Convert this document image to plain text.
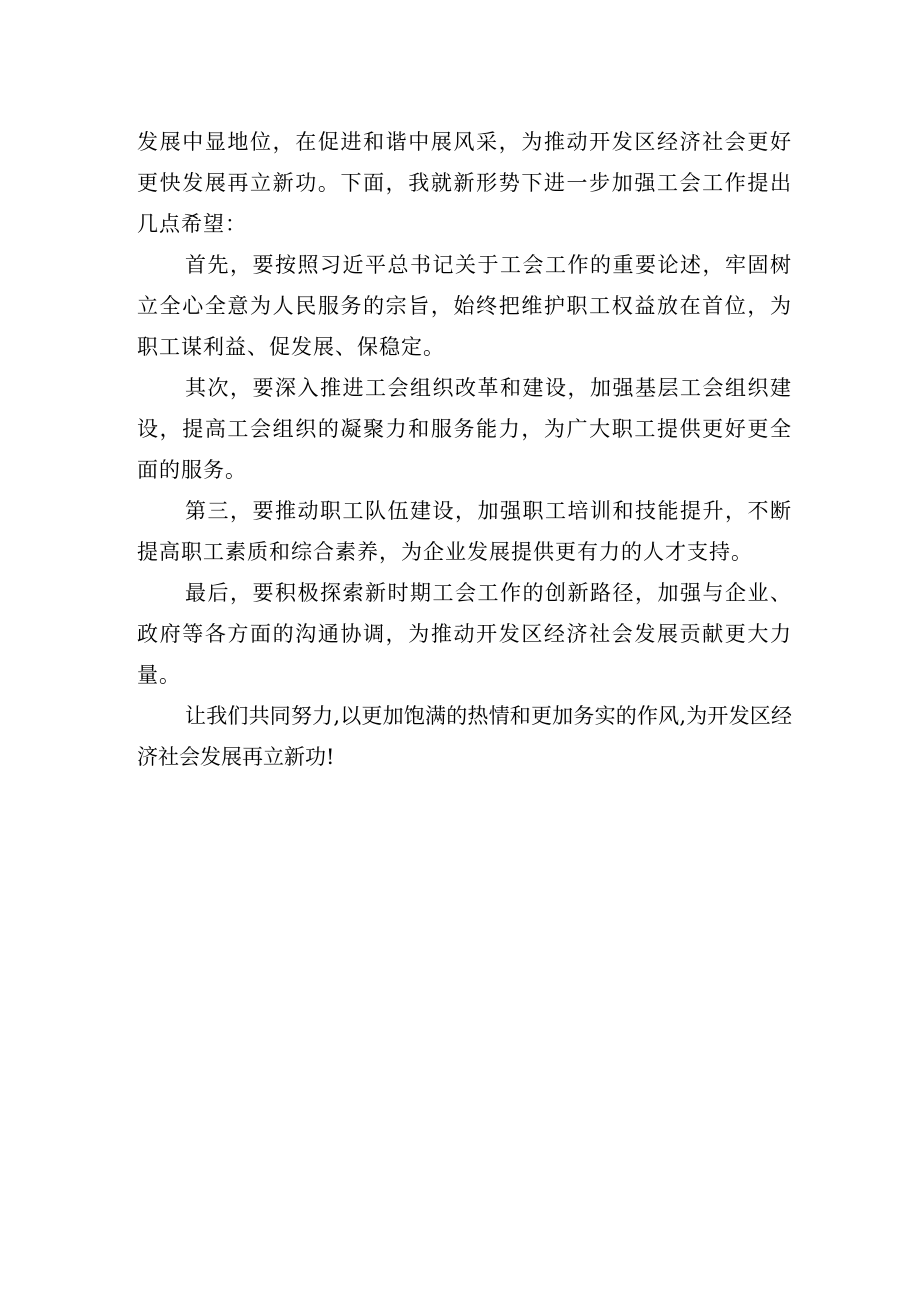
发展中显地位，在促进和谐中展风采，为推动开发区经济社会更好更快发展再立新功。下面，我就新形势下进一步加强工会工作提出几点希望：

首先，要按照习近平总书记关于工会工作的重要论述，牢固树立全心全意为人民服务的宗旨，始终把维护职工权益放在首位，为职工谋利益、促发展、保稳定。

其次，要深入推进工会组织改革和建设，加强基层工会组织建设，提高工会组织的凝聚力和服务能力，为广大职工提供更好更全面的服务。

第三，要推动职工队伍建设，加强职工培训和技能提升，不断提高职工素质和综合素养，为企业发展提供更有力的人才支持。

最后，要积极探索新时期工会工作的创新路径，加强与企业、政府等各方面的沟通协调，为推动开发区经济社会发展贡献更大力量。

让我们共同努力,以更加饱满的热情和更加务实的作风,为开发区经济社会发展再立新功!
